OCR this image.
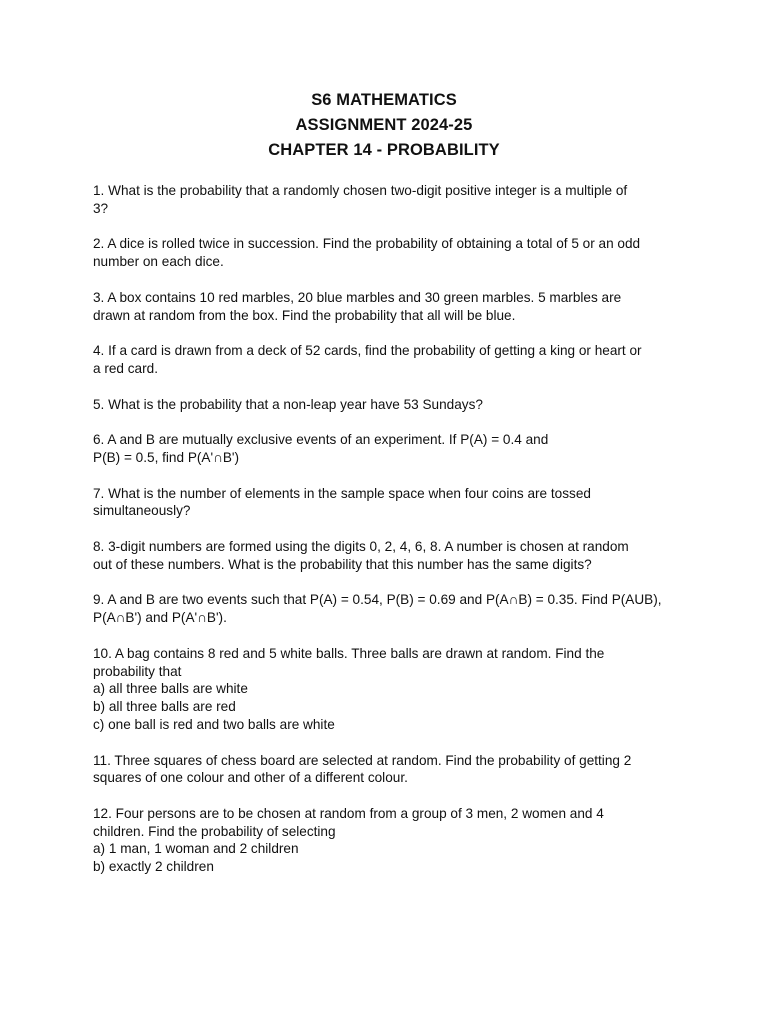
S6 MATHEMATICS
ASSIGNMENT 2024-25
CHAPTER 14 - PROBABILITY
1. What is the probability that a randomly chosen two-digit positive integer is a multiple of
3?
2. A dice is rolled twice in succession. Find the probability of obtaining a total of 5 or an odd
number on each dice.
3. A box contains 10 red marbles, 20 blue marbles and 30 green marbles. 5 marbles are
drawn at random from the box. Find the probability that all will be blue.
4. If a card is drawn from a deck of 52 cards, find the probability of getting a king or heart or
a red card.
5. What is the probability that a non-leap year have 53 Sundays?
6. A and B are mutually exclusive events of an experiment. If P(A) = 0.4 and
P(B) = 0.5, find P(A'∩B')
7. What is the number of elements in the sample space when four coins are tossed
simultaneously?
8. 3-digit numbers are formed using the digits 0, 2, 4, 6, 8. A number is chosen at random
out of these numbers. What is the probability that this number has the same digits?
9. A and B are two events such that P(A) = 0.54, P(B) = 0.69 and P(A∩B) = 0.35. Find P(AUB),
P(A∩B') and P(A'∩B').
10. A bag contains 8 red and 5 white balls. Three balls are drawn at random. Find the
probability that
a) all three balls are white
b) all three balls are red
c) one ball is red and two balls are white
11. Three squares of chess board are selected at random. Find the probability of getting 2
squares of one colour and other of a different colour.
12. Four persons are to be chosen at random from a group of 3 men, 2 women and 4
children. Find the probability of selecting
a) 1 man, 1 woman and 2 children
b) exactly 2 children
